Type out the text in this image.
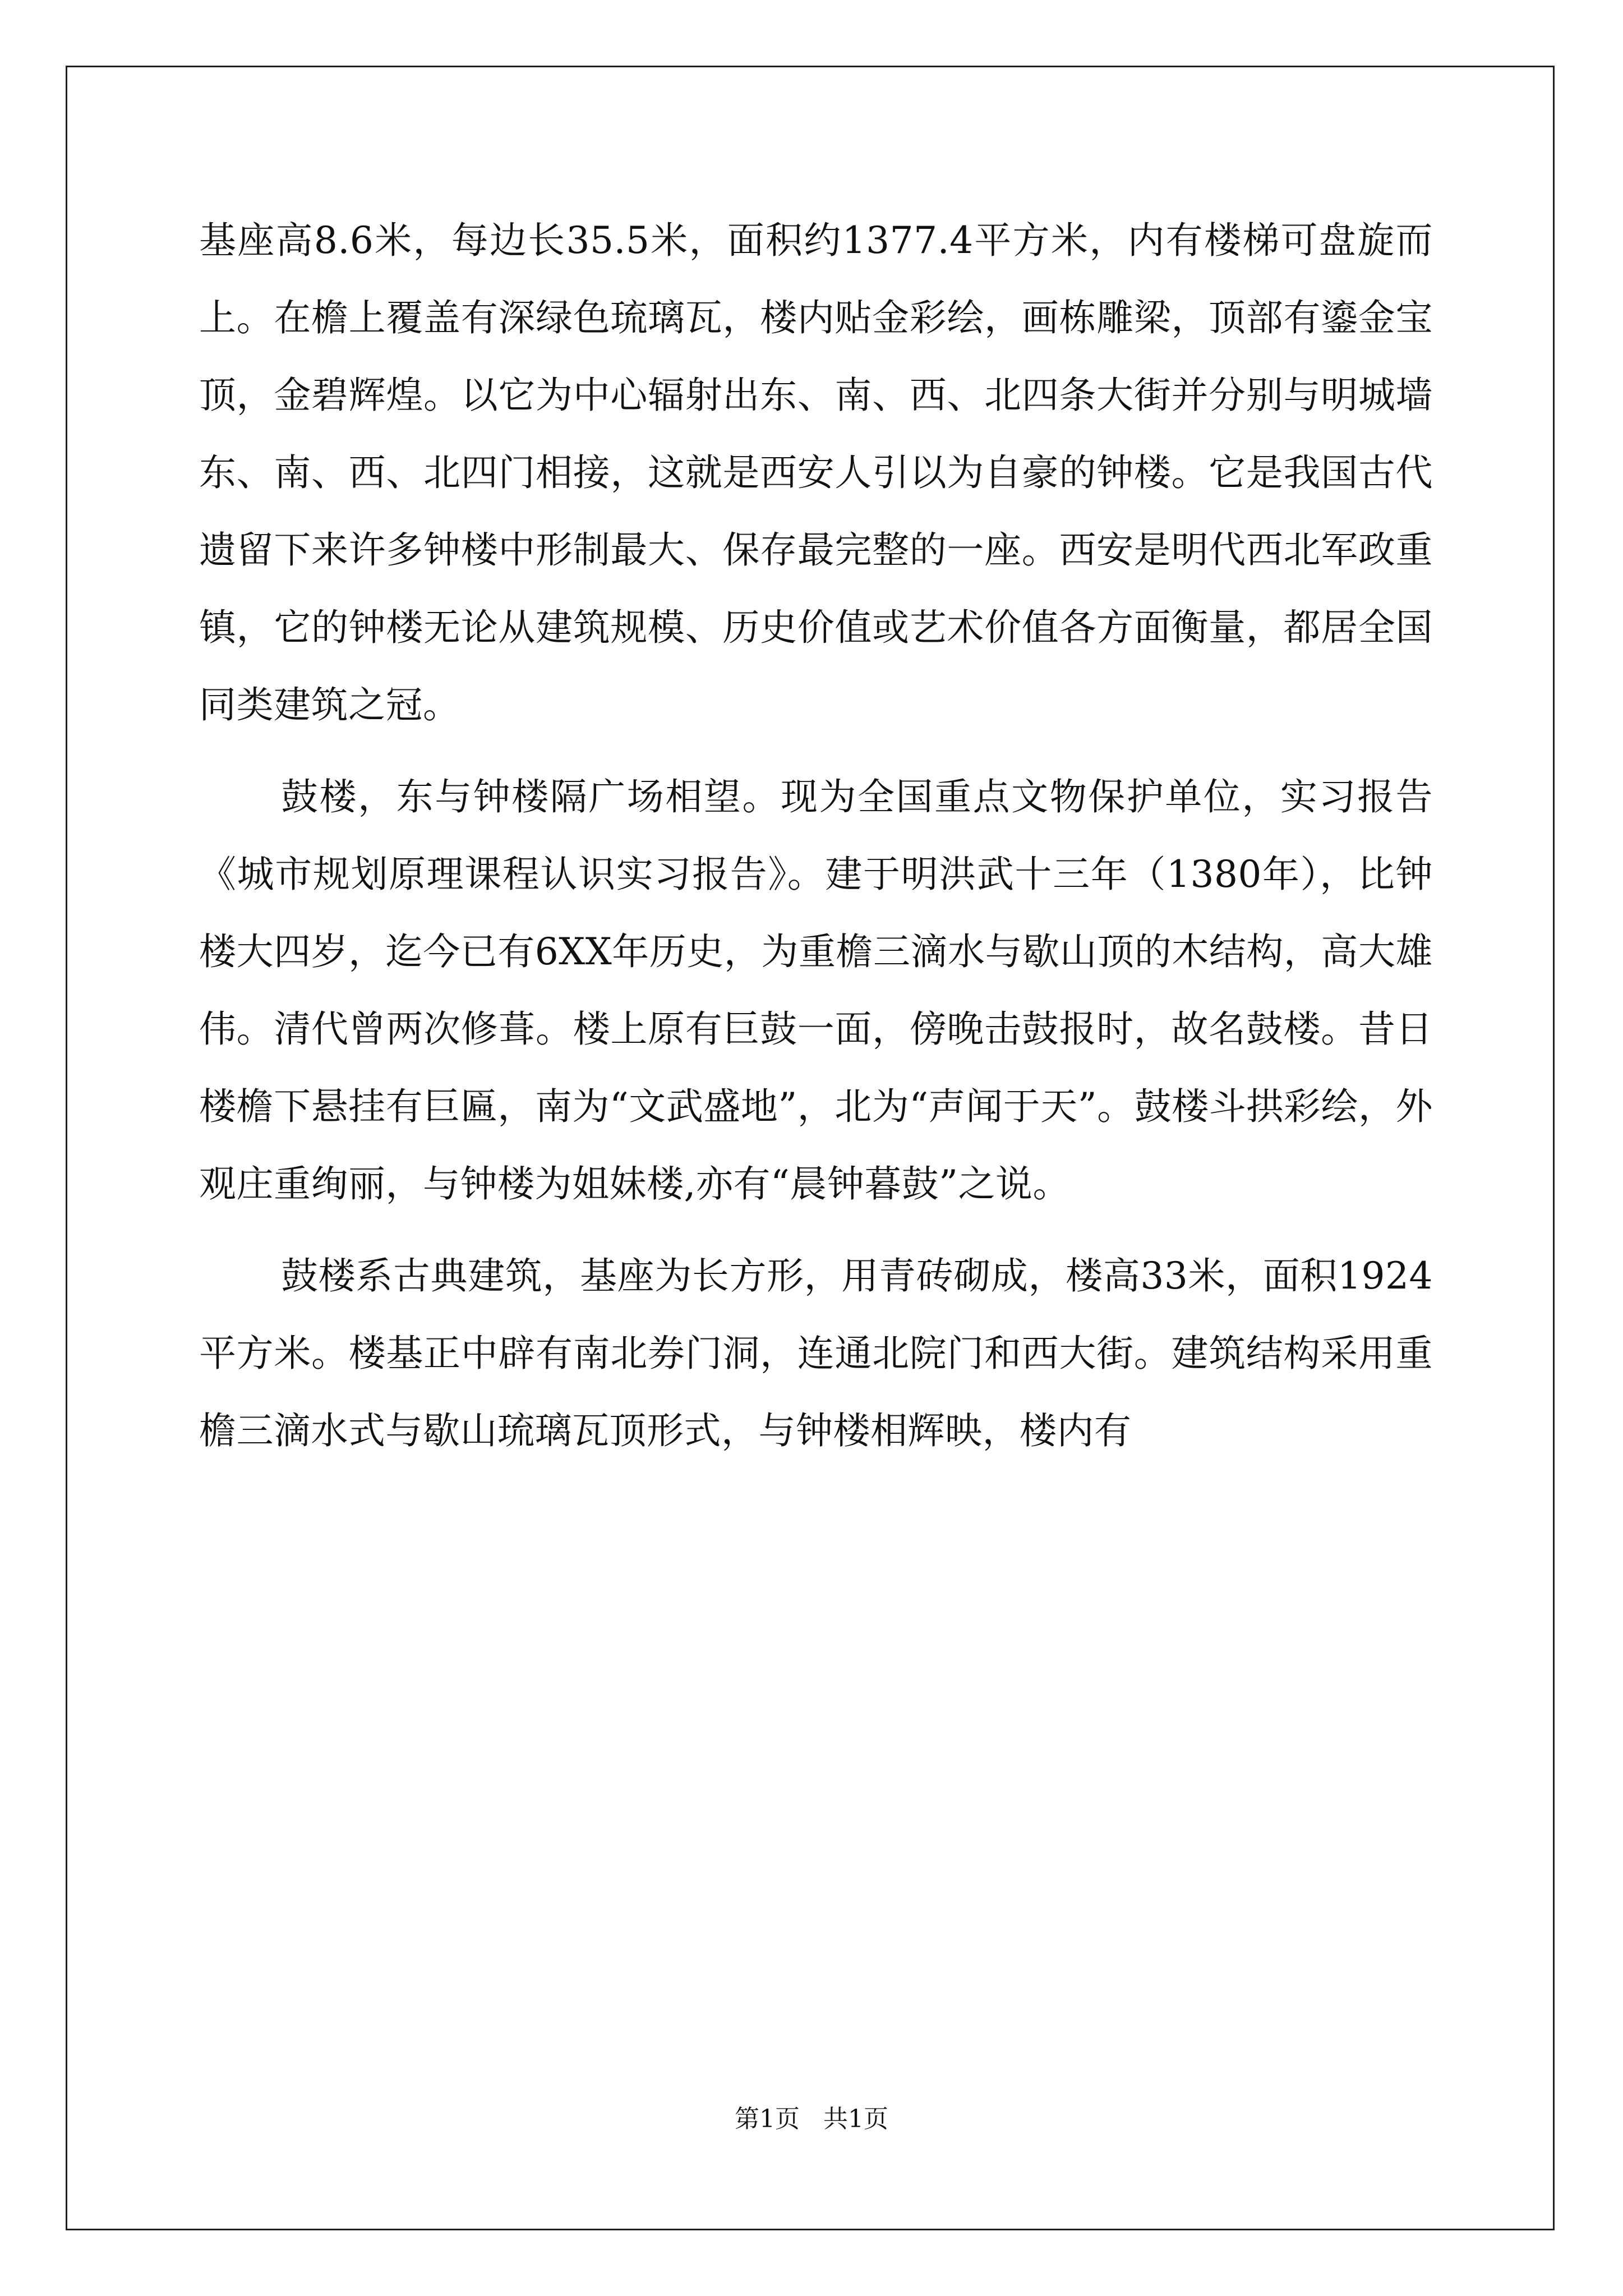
基座高8.6米，每边长35.5米，面积约1377.4平方米，内有楼梯可盘旋而上。在檐上覆盖有深绿色琉璃瓦，楼内贴金彩绘，画栋雕梁，顶部有鎏金宝顶，金碧辉煌。以它为中心辐射出东、南、西、北四条大街并分别与明城墙东、南、西、北四门相接，这就是西安人引以为自豪的钟楼。它是我国古代遗留下来许多钟楼中形制最大、保存最完整的一座。西安是明代西北军政重镇，它的钟楼无论从建筑规模、历史价值或艺术价值各方面衡量，都居全国同类建筑之冠。

鼓楼，东与钟楼隔广场相望。现为全国重点文物保护单位，实习报告《城市规划原理课程认识实习报告》。建于明洪武十三年（1380年），比钟楼大四岁，迄今已有6XX年历史，为重檐三滴水与歇山顶的木结构，高大雄伟。清代曾两次修葺。楼上原有巨鼓一面，傍晚击鼓报时，故名鼓楼。昔日楼檐下悬挂有巨匾，南为“文武盛地”，北为“声闻于天”。鼓楼斗拱彩绘，外观庄重绚丽，与钟楼为姐妹楼,亦有“晨钟暮鼓”之说。

鼓楼系古典建筑，基座为长方形，用青砖砌成，楼高33米，面积1924平方米。楼基正中辟有南北券门洞，连通北院门和西大街。建筑结构采用重檐三滴水式与歇山琉璃瓦顶形式，与钟楼相辉映，楼内有

第1页   共1页
